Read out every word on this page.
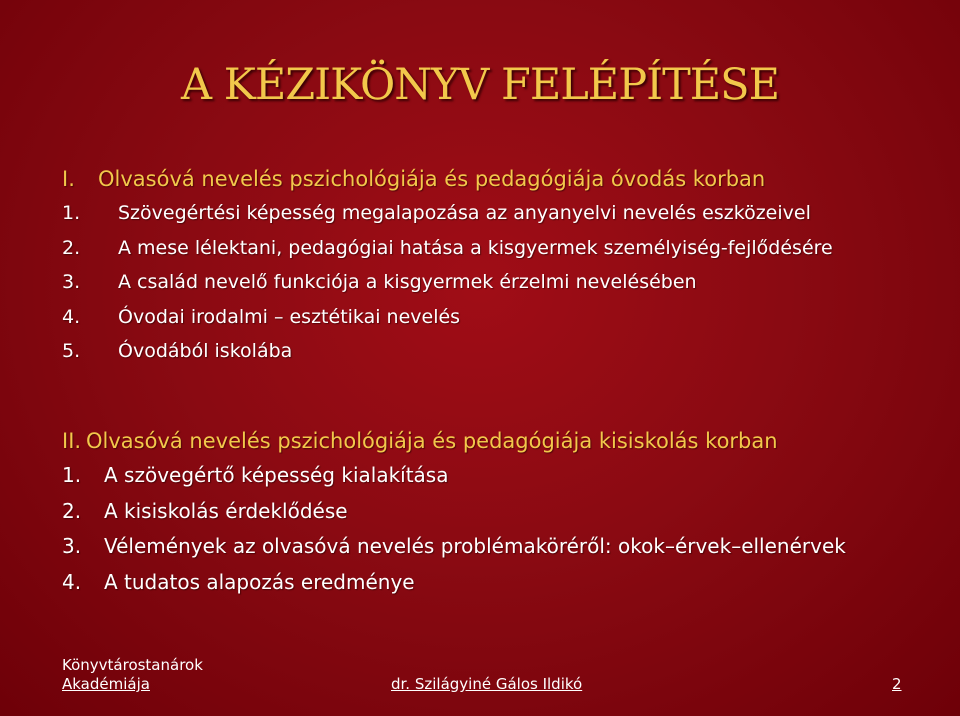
A KÉZIKÖNYV FELÉPÍTÉSE
I. Olvasóvá nevelés pszichológiája és pedagógiája óvodás korban
1. Szövegértési képesség megalapozása az anyanyelvi nevelés eszközeivel
2. A mese lélektani, pedagógiai hatása a kisgyermek személyiség-fejlődésére
3. A család nevelő funkciója a kisgyermek érzelmi nevelésében
4. Óvodai irodalmi – esztétikai nevelés
5. Óvodából iskolába
II. Olvasóvá nevelés pszichológiája és pedagógiája kisiskolás korban
1. A szövegértő képesség kialakítása
2. A kisiskolás érdeklődése
3. Vélemények az olvasóvá nevelés problémaköréről: okok–érvek–ellenérvek
4. A tudatos alapozás eredménye
Könyvtárostanárok
Akadémiája	dr. Szilágyiné Gálos Ildikó	2
